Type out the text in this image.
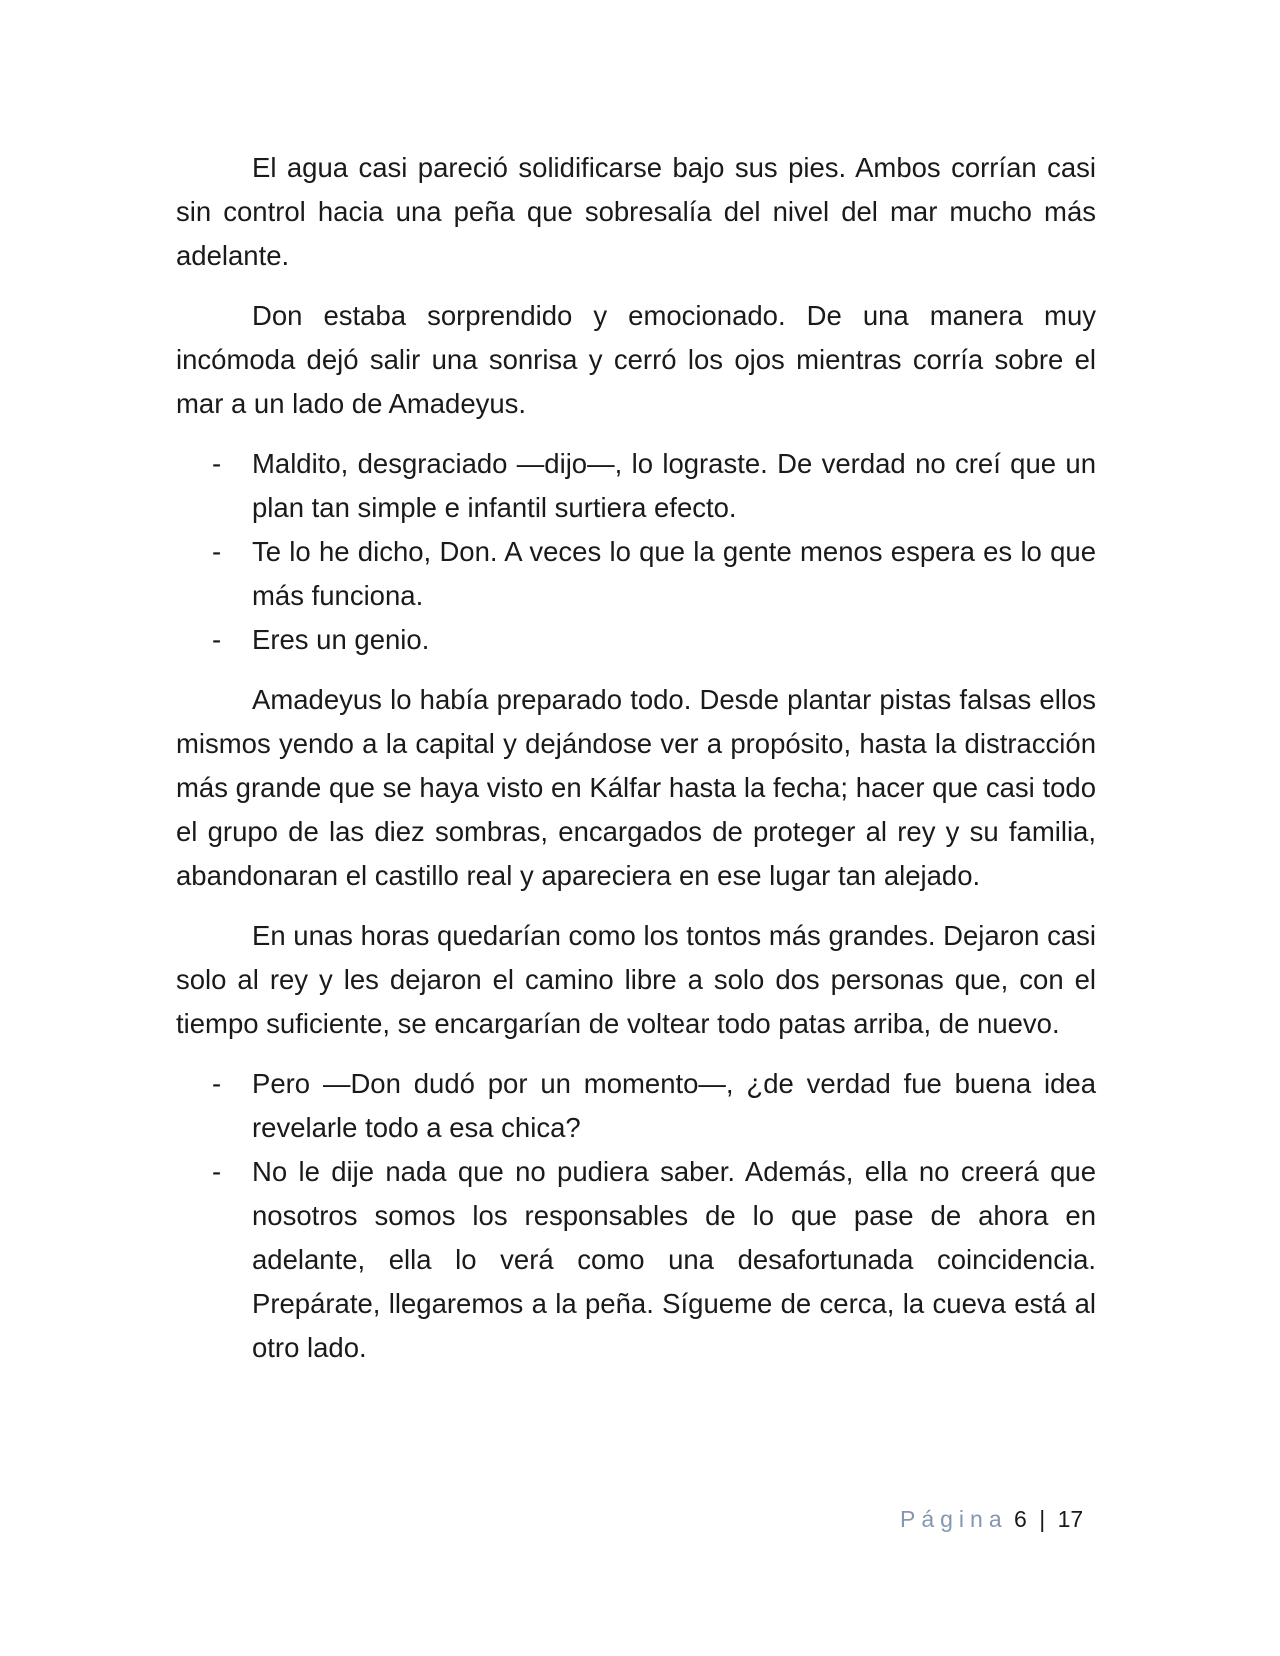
El agua casi pareció solidificarse bajo sus pies. Ambos corrían casi sin control hacia una peña que sobresalía del nivel del mar mucho más adelante.

Don estaba sorprendido y emocionado. De una manera muy incómoda dejó salir una sonrisa y cerró los ojos mientras corría sobre el mar a un lado de Amadeyus.

- Maldito, desgraciado —dijo—, lo lograste. De verdad no creí que un plan tan simple e infantil surtiera efecto.
- Te lo he dicho, Don. A veces lo que la gente menos espera es lo que más funciona.
- Eres un genio.

Amadeyus lo había preparado todo. Desde plantar pistas falsas ellos mismos yendo a la capital y dejándose ver a propósito, hasta la distracción más grande que se haya visto en Kálfar hasta la fecha; hacer que casi todo el grupo de las diez sombras, encargados de proteger al rey y su familia, abandonaran el castillo real y apareciera en ese lugar tan alejado.

En unas horas quedarían como los tontos más grandes. Dejaron casi solo al rey y les dejaron el camino libre a solo dos personas que, con el tiempo suficiente, se encargarían de voltear todo patas arriba, de nuevo.

- Pero —Don dudó por un momento—, ¿de verdad fue buena idea revelarle todo a esa chica?
- No le dije nada que no pudiera saber. Además, ella no creerá que nosotros somos los responsables de lo que pase de ahora en adelante, ella lo verá como una desafortunada coincidencia. Prepárate, llegaremos a la peña. Sígueme de cerca, la cueva está al otro lado.
Página 6 | 17
